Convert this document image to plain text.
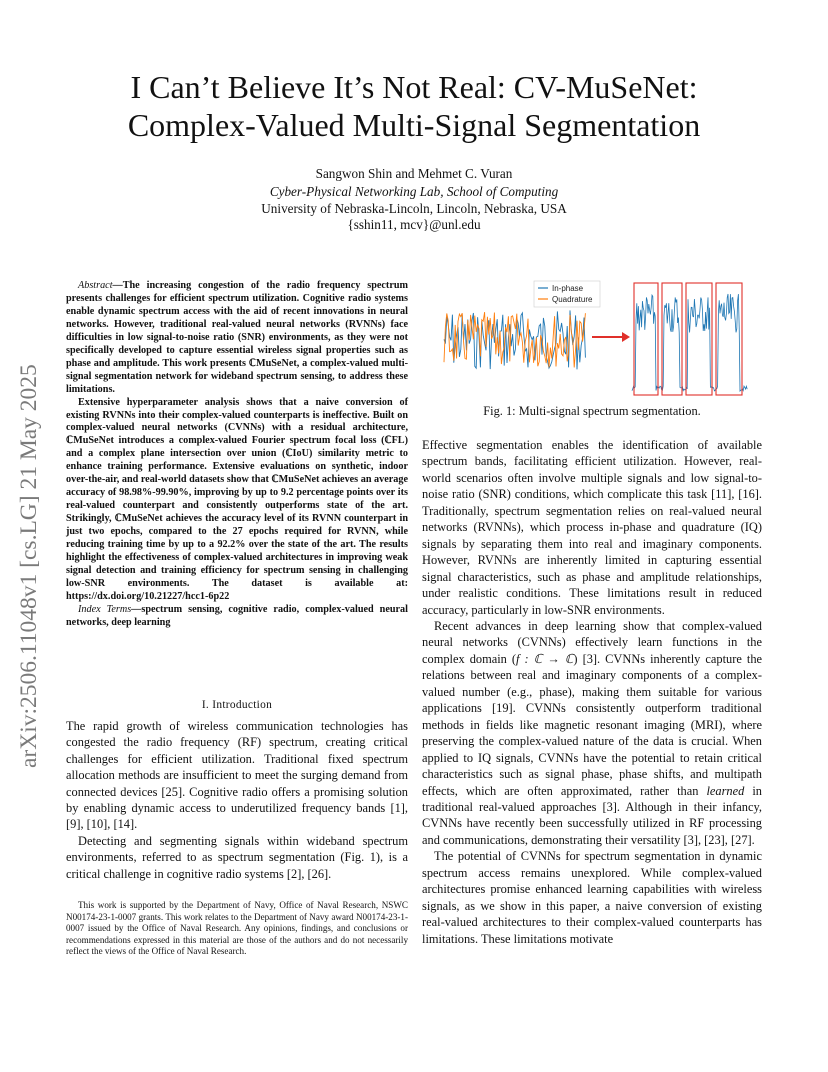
I Can’t Believe It’s Not Real: CV-MuSeNet:
Complex-Valued Multi-Signal Segmentation
Sangwon Shin and Mehmet C. Vuran
Cyber-Physical Networking Lab, School of Computing
University of Nebraska-Lincoln, Lincoln, Nebraska, USA
{sshin11, mcv}@unl.edu
arXiv:2506.11048v1 [cs.LG] 21 May 2025

Abstract—The increasing congestion of the radio frequency spectrum presents challenges for efficient spectrum utilization. Cognitive radio systems enable dynamic spectrum access with the aid of recent innovations in neural networks. However, traditional real-valued neural networks (RVNNs) face difficulties in low signal-to-noise ratio (SNR) environments, as they were not specifically developed to capture essential wireless signal properties such as phase and amplitude. This work presents ℂMuSeNet, a complex-valued multi-signal segmentation network for wideband spectrum sensing, to address these limitations.

Extensive hyperparameter analysis shows that a naive conversion of existing RVNNs into their complex-valued counterparts is ineffective. Built on complex-valued neural networks (CVNNs) with a residual architecture, ℂMuSeNet introduces a complex-valued Fourier spectrum focal loss (ℂFL) and a complex plane intersection over union (ℂIoU) similarity metric to enhance training performance. Extensive evaluations on synthetic, indoor over-the-air, and real-world datasets show that ℂMuSeNet achieves an average accuracy of 98.98%-99.90%, improving by up to 9.2 percentage points over its real-valued counterpart and consistently outperforms state of the art. Strikingly, ℂMuSeNet achieves the accuracy level of its RVNN counterpart in just two epochs, compared to the 27 epochs required for RVNN, while reducing training time by up to a 92.2% over the state of the art. The results highlight the effectiveness of complex-valued architectures in improving weak signal detection and training efficiency for spectrum sensing in challenging low-SNR environments. The dataset is available at: https://dx.doi.org/10.21227/hcc1-6p22

Index Terms—spectrum sensing, cognitive radio, complex-valued neural networks, deep learning

I. Introduction

The rapid growth of wireless communication technologies has congested the radio frequency (RF) spectrum, creating critical challenges for efficient utilization. Traditional fixed spectrum allocation methods are insufficient to meet the surging demand from connected devices [25]. Cognitive radio offers a promising solution by enabling dynamic access to underutilized frequency bands [1], [9], [10], [14].

Detecting and segmenting signals within wideband spectrum environments, referred to as spectrum segmentation (Fig. 1), is a critical challenge in cognitive radio systems [2], [26].

This work is supported by the Department of Navy, Office of Naval Research, NSWC N00174-23-1-0007 grants. This work relates to the Department of Navy award N00174-23-1-0007 issued by the Office of Naval Research. Any opinions, findings, and conclusions or recommendations expressed in this material are those of the authors and do not necessarily reflect the views of the Office of Naval Research.

In-phase
Quadrature
Fig. 1: Multi-signal spectrum segmentation.

Effective segmentation enables the identification of available spectrum bands, facilitating efficient utilization. However, real-world scenarios often involve multiple signals and low signal-to-noise ratio (SNR) conditions, which complicate this task [11], [16]. Traditionally, spectrum segmentation relies on real-valued neural networks (RVNNs), which process in-phase and quadrature (IQ) signals by separating them into real and imaginary components. However, RVNNs are inherently limited in capturing essential signal characteristics, such as phase and amplitude relationships, under realistic conditions. These limitations result in reduced accuracy, particularly in low-SNR environments.

Recent advances in deep learning show that complex-valued neural networks (CVNNs) effectively learn functions in the complex domain (f : ℂ → ℂ) [3]. CVNNs inherently capture the relations between real and imaginary components of a complex-valued number (e.g., phase), making them suitable for various applications [19]. CVNNs consistently outperform traditional methods in fields like magnetic resonant imaging (MRI), where preserving the complex-valued nature of the data is crucial. When applied to IQ signals, CVNNs have the potential to retain critical characteristics such as signal phase, phase shifts, and multipath effects, which are often approximated, rather than learned in traditional real-valued approaches [3]. Although in their infancy, CVNNs have recently been successfully utilized in RF processing and communications, demonstrating their versatility [3], [23], [27].

The potential of CVNNs for spectrum segmentation in dynamic spectrum access remains unexplored. While complex-valued architectures promise enhanced learning capabilities with wireless signals, as we show in this paper, a naive conversion of existing real-valued architectures to their complex-valued counterparts has limitations. These limitations motivate
